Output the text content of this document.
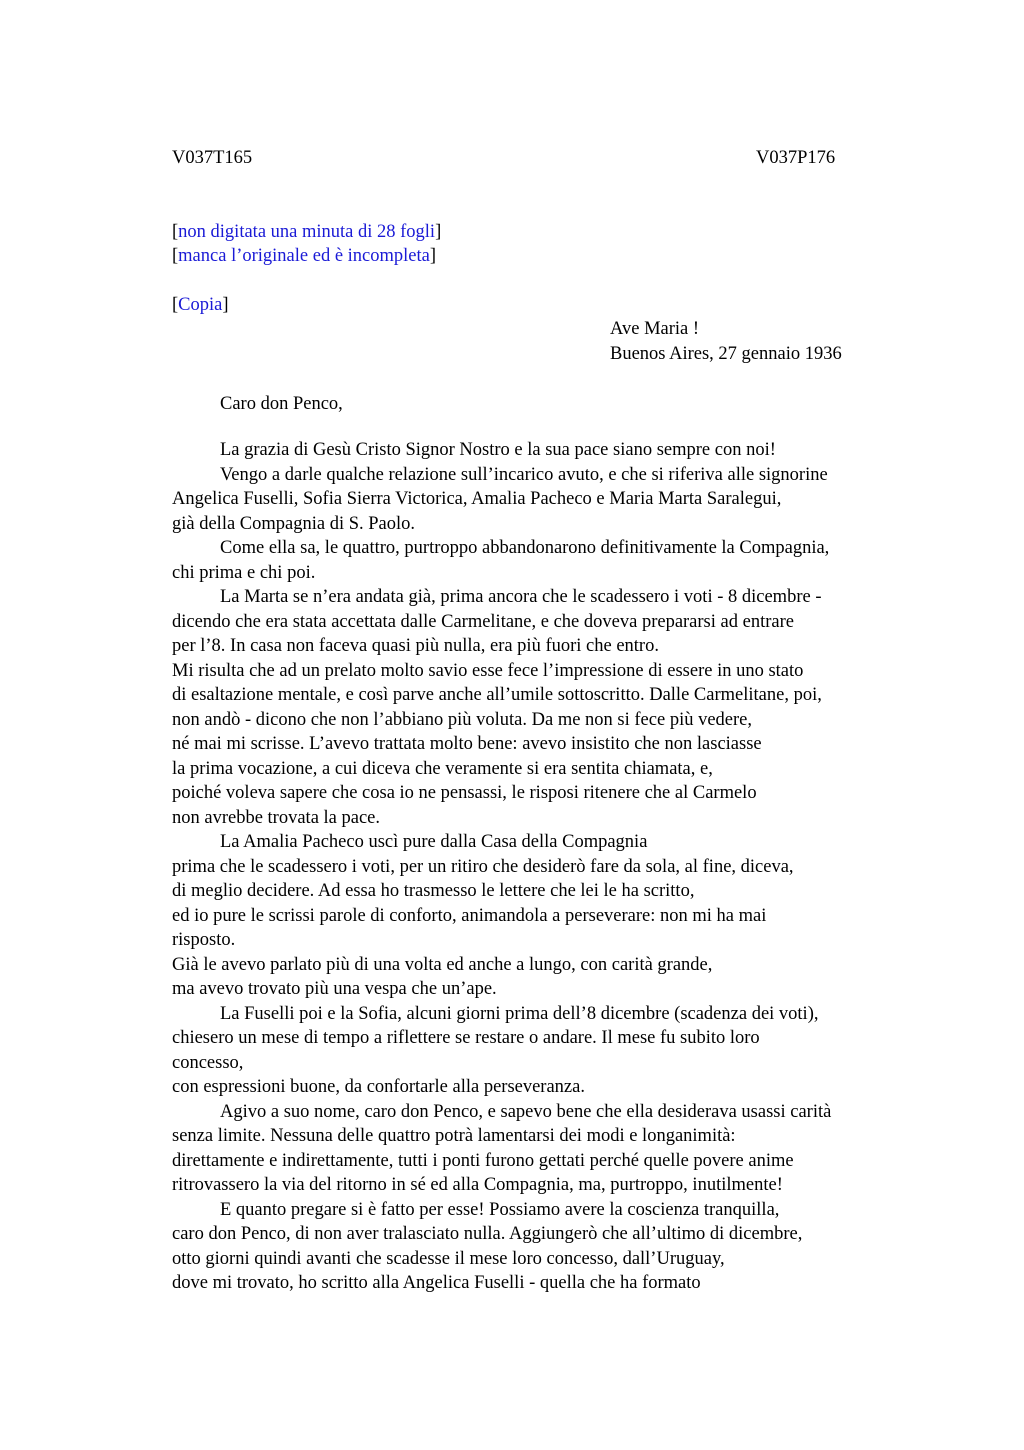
V037T165	V037P176
[non digitata una minuta di 28 fogli]
[manca l’originale ed è incompleta]
[Copia]
Ave Maria !
Buenos Aires, 27 gennaio 1936
Caro don Penco,
La grazia di Gesù Cristo Signor Nostro e la sua pace siano sempre con noi!
Vengo a darle qualche relazione sull’incarico avuto, e che si riferiva alle signorine
Angelica Fuselli, Sofia Sierra Victorica, Amalia Pacheco e Maria Marta Saralegui,
già della Compagnia di S. Paolo.
Come ella sa, le quattro, purtroppo abbandonarono definitivamente la Compagnia,
chi prima e chi poi.
La Marta se n’era andata già, prima ancora che le scadessero i voti - 8 dicembre -
dicendo che era stata accettata dalle Carmelitane, e che doveva prepararsi ad entrare
per l’8. In casa non faceva quasi più nulla, era più fuori che entro.
Mi risulta che ad un prelato molto savio esse fece l’impressione di essere in uno stato
di esaltazione mentale, e così parve anche all’umile sottoscritto. Dalle Carmelitane, poi,
non andò - dicono che non l’abbiano più voluta. Da me non si fece più vedere,
né mai mi scrisse. L’avevo trattata molto bene: avevo insistito che non lasciasse
la prima vocazione, a cui diceva che veramente si era sentita chiamata, e,
poiché voleva sapere che cosa io ne pensassi, le risposi ritenere che al Carmelo
non avrebbe trovata la pace.
La Amalia Pacheco uscì pure dalla Casa della Compagnia
prima che le scadessero i voti, per un ritiro che desiderò fare da sola, al fine, diceva,
di meglio decidere. Ad essa ho trasmesso le lettere che lei le ha scritto,
ed io pure le scrissi parole di conforto, animandola a perseverare: non mi ha mai
risposto.
Già le avevo parlato più di una volta ed anche a lungo, con carità grande,
ma avevo trovato più una vespa che un’ape.
La Fuselli poi e la Sofia, alcuni giorni prima dell’8 dicembre (scadenza dei voti),
chiesero un mese di tempo a riflettere se restare o andare. Il mese fu subito loro
concesso,
con espressioni buone, da confortarle alla perseveranza.
Agivo a suo nome, caro don Penco, e sapevo bene che ella desiderava usassi carità
senza limite. Nessuna delle quattro potrà lamentarsi dei modi e longanimità:
direttamente e indirettamente, tutti i ponti furono gettati perché quelle povere anime
ritrovassero la via del ritorno in sé ed alla Compagnia, ma, purtroppo, inutilmente!
E quanto pregare si è fatto per esse! Possiamo avere la coscienza tranquilla,
caro don Penco, di non aver tralasciato nulla. Aggiungerò che all’ultimo di dicembre,
otto giorni quindi avanti che scadesse il mese loro concesso, dall’Uruguay,
dove mi trovato, ho scritto alla Angelica Fuselli - quella che ha formato
